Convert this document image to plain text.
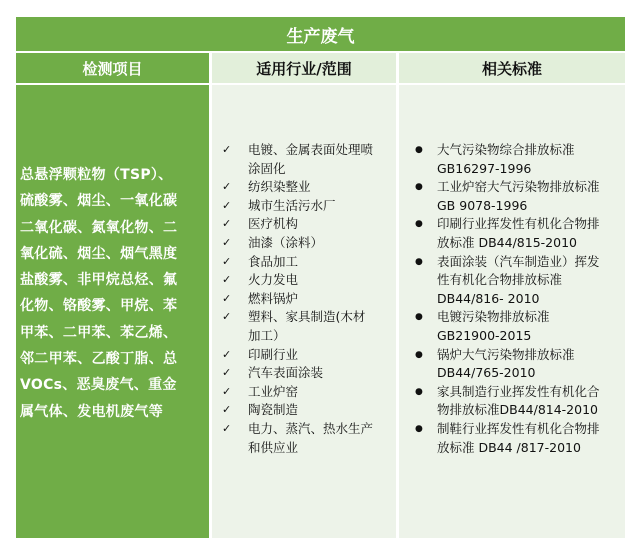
生产废气
检测项目	适用行业/范围	相关标准
总悬浮颗粒物（TSP）、
硫酸雾、烟尘、一氧化碳
二氧化碳、氮氧化物、二
氧化硫、烟尘、烟气黑度
盐酸雾、非甲烷总烃、氟
化物、铬酸雾、甲烷、苯
甲苯、二甲苯、苯乙烯、
邻二甲苯、乙酸丁脂、总
VOCs、恶臭废气、重金
属气体、发电机废气等
✓ 电镀、金属表面处理喷
涂固化
✓ 纺织染整业
✓ 城市生活污水厂
✓ 医疗机构
✓ 油漆（涂料）
✓ 食品加工
✓ 火力发电
✓ 燃料锅炉
✓ 塑料、家具制造(木材
加工）
✓ 印刷行业
✓ 汽车表面涂装
✓ 工业炉窑
✓ 陶瓷制造
✓ 电力、蒸汽、热水生产
和供应业
● 大气污染物综合排放标准
GB16297-1996
● 工业炉窑大气污染物排放标准
GB 9078-1996
● 印刷行业挥发性有机化合物排
放标准 DB44/815-2010
● 表面涂装（汽车制造业）挥发
性有机化合物排放标准
DB44/816- 2010
● 电镀污染物排放标准
GB21900-2015
● 锅炉大气污染物排放标准
DB44/765-2010
● 家具制造行业挥发性有机化合
物排放标准DB44/814-2010
● 制鞋行业挥发性有机化合物排
放标准 DB44 /817-2010
